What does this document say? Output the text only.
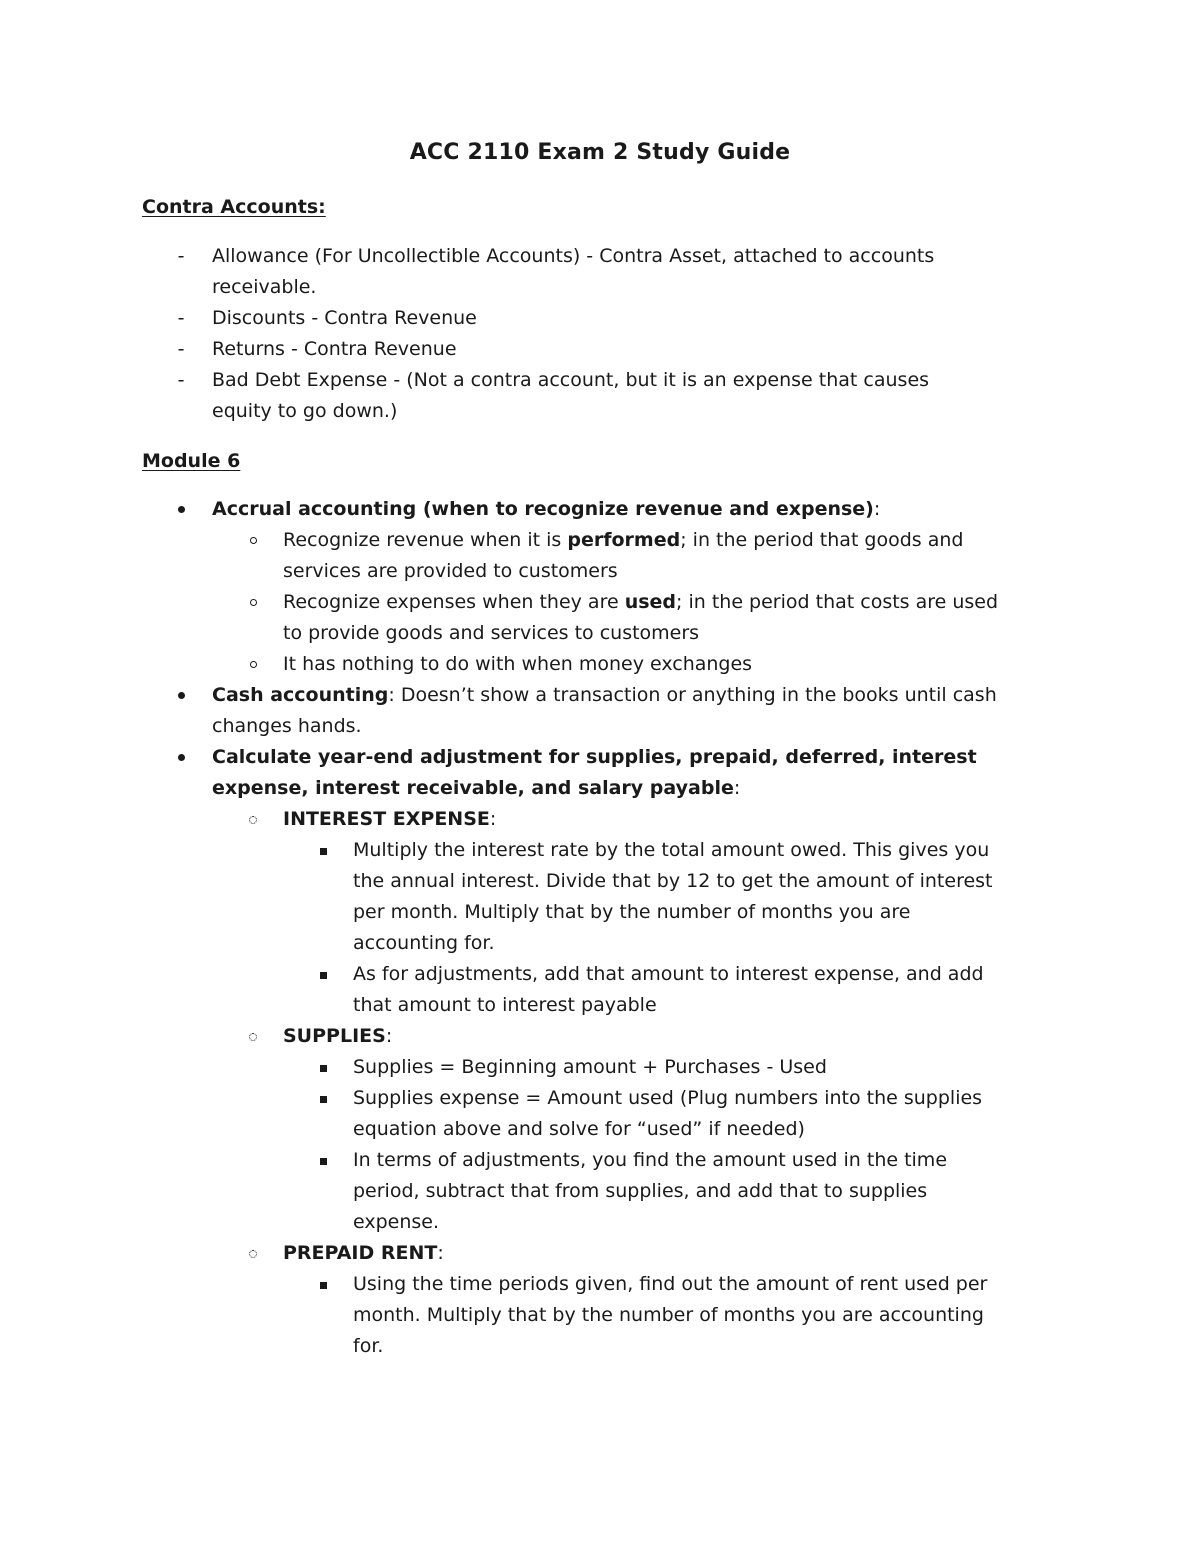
ACC 2110 Exam 2 Study Guide
Contra Accounts:
-	Allowance (For Uncollectible Accounts) - Contra Asset, attached to accounts
receivable.
-	Discounts - Contra Revenue
-	Returns - Contra Revenue
-	Bad Debt Expense - (Not a contra account, but it is an expense that causes
equity to go down.)
Module 6
Accrual accounting (when to recognize revenue and expense):
Recognize revenue when it is performed; in the period that goods and
services are provided to customers
Recognize expenses when they are used; in the period that costs are used
to provide goods and services to customers
It has nothing to do with when money exchanges
Cash accounting: Doesn’t show a transaction or anything in the books until cash
changes hands.
Calculate year-end adjustment for supplies, prepaid, deferred, interest
expense, interest receivable, and salary payable:
INTEREST EXPENSE:
Multiply the interest rate by the total amount owed. This gives you
the annual interest. Divide that by 12 to get the amount of interest
per month. Multiply that by the number of months you are
accounting for.
As for adjustments, add that amount to interest expense, and add
that amount to interest payable
SUPPLIES:
Supplies = Beginning amount + Purchases - Used
Supplies expense = Amount used (Plug numbers into the supplies
equation above and solve for “used” if needed)
In terms of adjustments, you find the amount used in the time
period, subtract that from supplies, and add that to supplies
expense.
PREPAID RENT:
Using the time periods given, find out the amount of rent used per
month. Multiply that by the number of months you are accounting
for.
